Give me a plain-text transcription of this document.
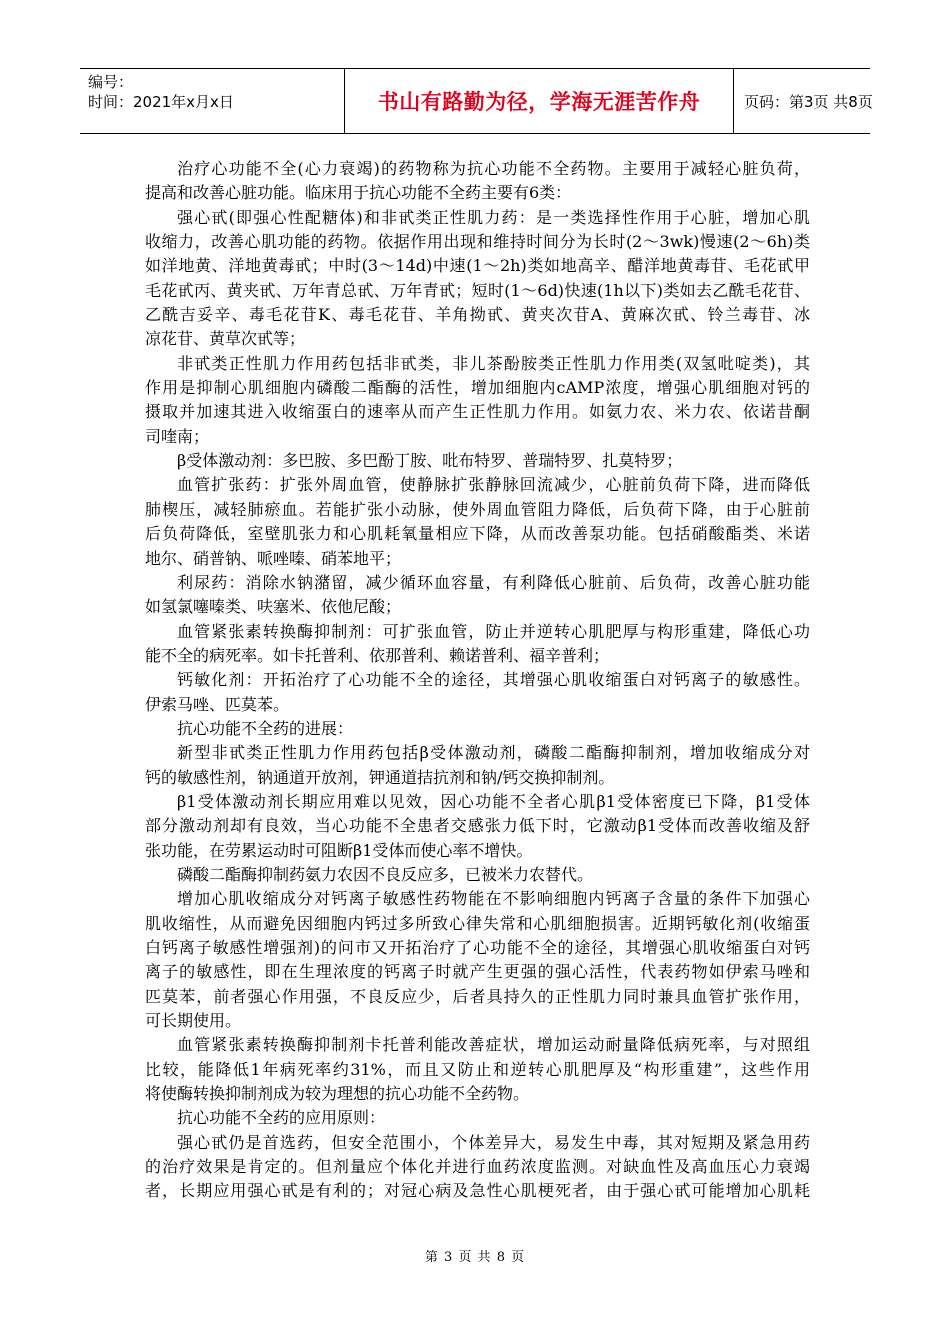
编号：
时间：2021年x月x日	书山有路勤为径，学海无涯苦作舟	页码：第3页 共8页
治疗心功能不全(心力衰竭)的药物称为抗心功能不全药物。主要用于减轻心脏负荷，
提高和改善心脏功能。临床用于抗心功能不全药主要有6类：
强心甙(即强心性配糖体)和非甙类正性肌力药：是一类选择性作用于心脏，增加心肌
收缩力，改善心肌功能的药物。依据作用出现和维持时间分为长时(2～3wk)慢速(2～6h)类
如洋地黄、洋地黄毒甙；中时(3～14d)中速(1～2h)类如地高辛、醋洋地黄毒苷、毛花甙甲
毛花甙丙、黄夹甙、万年青总甙、万年青甙；短时(1～6d)快速(1h以下)类如去乙酰毛花苷、
乙酰吉妥辛、毒毛花苷K、毒毛花苷、羊角拗甙、黄夹次苷A、黄麻次甙、铃兰毒苷、冰
凉花苷、黄草次甙等；
非甙类正性肌力作用药包括非甙类，非儿茶酚胺类正性肌力作用类(双氢吡啶类)，其
作用是抑制心肌细胞内磷酸二酯酶的活性，增加细胞内cAMP浓度，增强心肌细胞对钙的
摄取并加速其进入收缩蛋白的速率从而产生正性肌力作用。如氨力农、米力农、依诺昔酮
司喹南；
β受体激动剂：多巴胺、多巴酚丁胺、吡布特罗、普瑞特罗、扎莫特罗；
血管扩张药：扩张外周血管，使静脉扩张静脉回流减少，心脏前负荷下降，进而降低
肺楔压，减轻肺瘀血。若能扩张小动脉，使外周血管阻力降低，后负荷下降，由于心脏前
后负荷降低，室壁肌张力和心肌耗氧量相应下降，从而改善泵功能。包括硝酸酯类、米诺
地尔、硝普钠、哌唑嗪、硝苯地平；
利尿药：消除水钠潴留，减少循环血容量，有利降低心脏前、后负荷，改善心脏功能
如氢氯噻嗪类、呋塞米、依他尼酸；
血管紧张素转换酶抑制剂：可扩张血管，防止并逆转心肌肥厚与构形重建，降低心功
能不全的病死率。如卡托普利、依那普利、赖诺普利、福辛普利；
钙敏化剂：开拓治疗了心功能不全的途径，其增强心肌收缩蛋白对钙离子的敏感性。
伊索马唑、匹莫苯。
抗心功能不全药的进展：
新型非甙类正性肌力作用药包括β受体激动剂，磷酸二酯酶抑制剂，增加收缩成分对
钙的敏感性剂，钠通道开放剂，钾通道拮抗剂和钠/钙交换抑制剂。
β1受体激动剂长期应用难以见效，因心功能不全者心肌β1受体密度已下降，β1受体
部分激动剂却有良效，当心功能不全患者交感张力低下时，它激动β1受体而改善收缩及舒
张功能，在劳累运动时可阻断β1受体而使心率不增快。
磷酸二酯酶抑制药氨力农因不良反应多，已被米力农替代。
增加心肌收缩成分对钙离子敏感性药物能在不影响细胞内钙离子含量的条件下加强心
肌收缩性，从而避免因细胞内钙过多所致心律失常和心肌细胞损害。近期钙敏化剂(收缩蛋
白钙离子敏感性增强剂)的问市又开拓治疗了心功能不全的途径，其增强心肌收缩蛋白对钙
离子的敏感性，即在生理浓度的钙离子时就产生更强的强心活性，代表药物如伊索马唑和
匹莫苯，前者强心作用强，不良反应少，后者具持久的正性肌力同时兼具血管扩张作用，
可长期使用。
血管紧张素转换酶抑制剂卡托普利能改善症状，增加运动耐量降低病死率，与对照组
比较，能降低1年病死率约31%，而且又防止和逆转心肌肥厚及“构形重建”，这些作用
将使酶转换抑制剂成为较为理想的抗心功能不全药物。
抗心功能不全药的应用原则：
强心甙仍是首选药，但安全范围小，个体差异大，易发生中毒，其对短期及紧急用药
的治疗效果是肯定的。但剂量应个体化并进行血药浓度监测。对缺血性及高血压心力衰竭
者，长期应用强心甙是有利的；对冠心病及急性心肌梗死者，由于强心甙可能增加心肌耗
第 3 页 共 8 页
